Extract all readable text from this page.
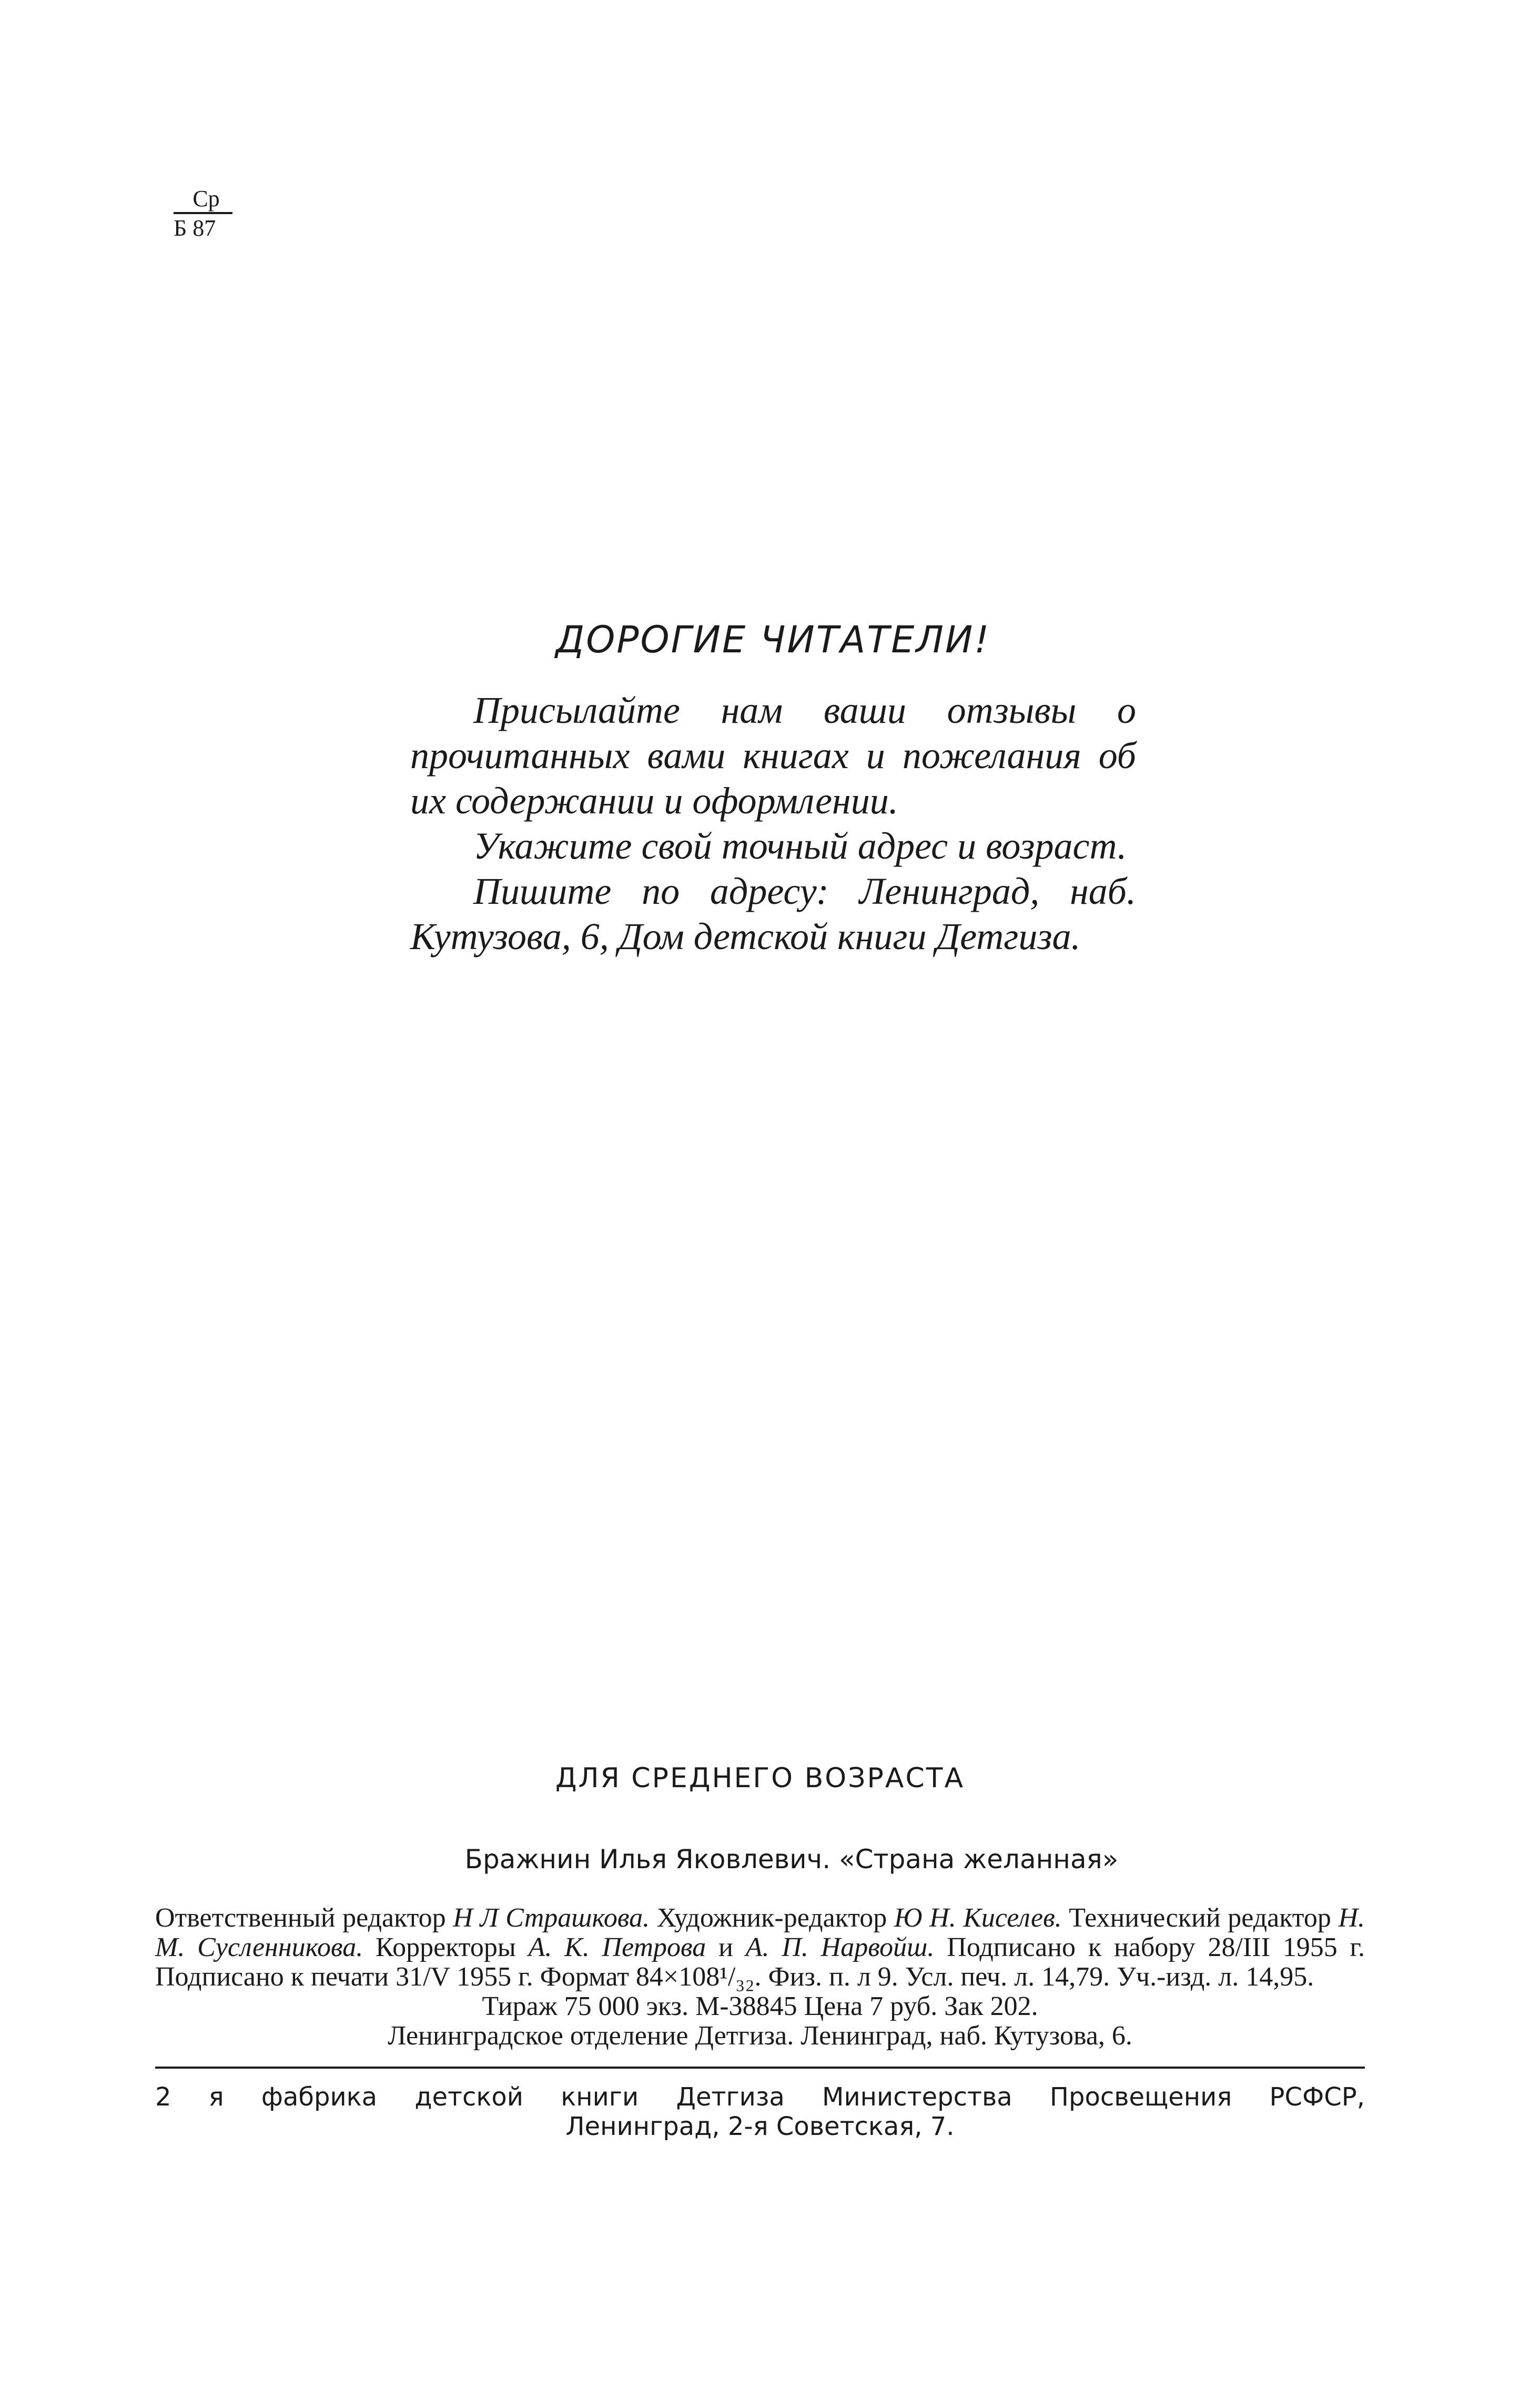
Ср
Б 87
ДОРОГИЕ ЧИТАТЕЛИ!

Присылайте нам ваши отзывы о прочитанных вами книгах и пожелания об их содержании и оформлении.

Укажите свой точный адрес и возраст.

Пишите по адресу: Ленинград, наб. Кутузова, 6, Дом детской книги Детгиза.

ДЛЯ СРЕДНЕГО ВОЗРАСТА
Бражнин Илья Яковлевич. «Страна желанная»
Ответственный редактор Н Л Страшкова. Художник-редактор Ю Н. Киселев. Технический редактор Н. М. Сусленникова. Корректоры А. К. Петрова и А. П. Нарвойш. Подписано к набору 28/III 1955 г. Подписано к печати 31/V 1955 г. Формат 84×108¹/₃₂. Физ. п. л 9. Усл. печ. л. 14,79. Уч.-изд. л. 14,95.
Тираж 75 000 экз. М-38845 Цена 7 руб. Зак 202.
Ленинградское отделение Детгиза. Ленинград, наб. Кутузова, 6.
2 я фабрика детской книги Детгиза Министерства Просвещения РСФСР,
Ленинград, 2-я Советская, 7.
